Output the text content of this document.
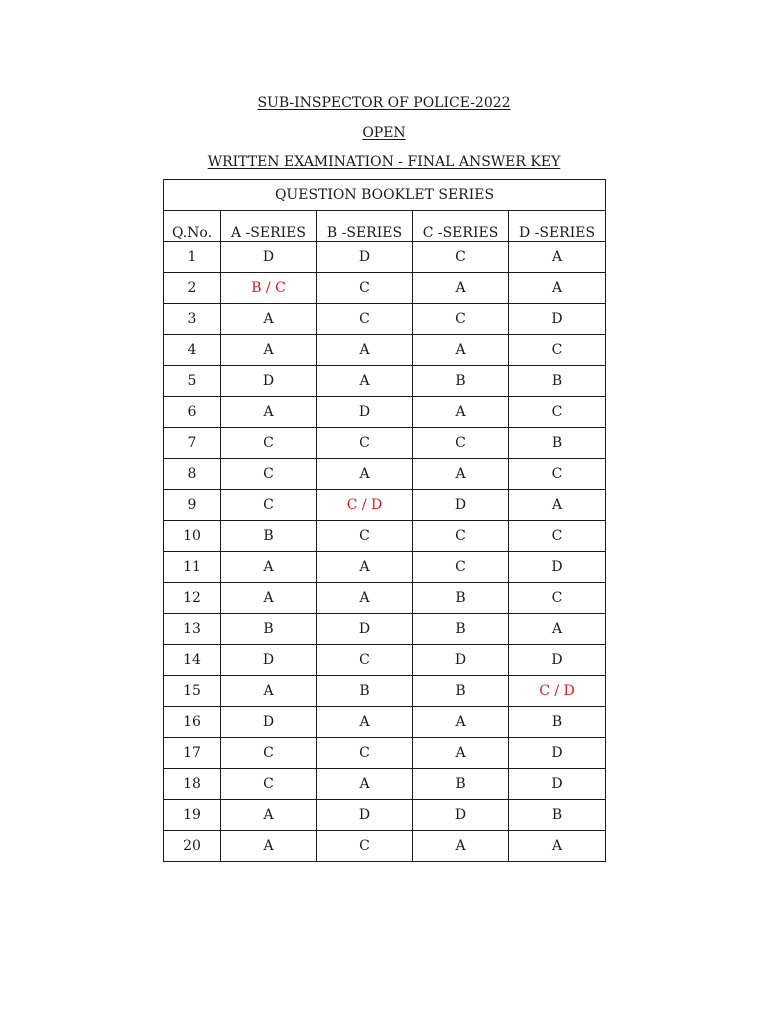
SUB-INSPECTOR OF POLICE-2022
OPEN
WRITTEN EXAMINATION - FINAL ANSWER KEY
QUESTION BOOKLET SERIES				
Q.No.	A -SERIES	B -SERIES	C -SERIES	D -SERIES
1	D	D	C	A
2	B / C	C	A	A
3	A	C	C	D
4	A	A	A	C
5	D	A	B	B
6	A	D	A	C
7	C	C	C	B
8	C	A	A	C
9	C	C / D	D	A
10	B	C	C	C
11	A	A	C	D
12	A	A	B	C
13	B	D	B	A
14	D	C	D	D
15	A	B	B	C / D
16	D	A	A	B
17	C	C	A	D
18	C	A	B	D
19	A	D	D	B
20	A	C	A	A
